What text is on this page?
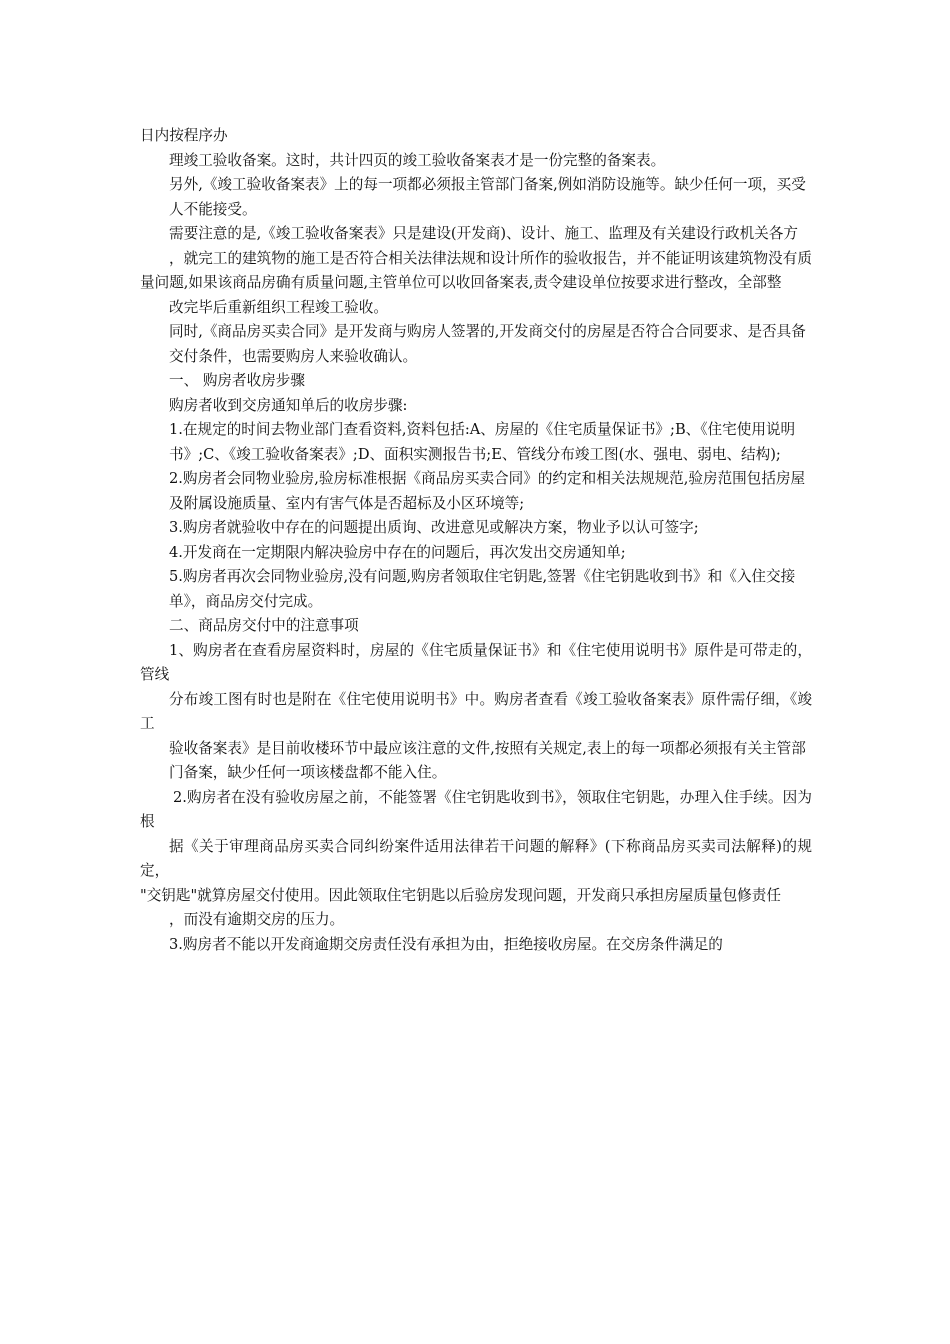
日内按程序办

理竣工验收备案。这时，共计四页的竣工验收备案表才是一份完整的备案表。

另外,《竣工验收备案表》上的每一项都必须报主管部门备案,例如消防设施等。缺少任何一项，买受

人不能接受。

需要注意的是,《竣工验收备案表》只是建设(开发商)、设计、施工、监理及有关建设行政机关各方

，就完工的建筑物的施工是否符合相关法律法规和设计所作的验收报告，并不能证明该建筑物没有质量问题,如果该商品房确有质量问题,主管单位可以收回备案表,责令建设单位按要求进行整改，全部整

改完毕后重新组织工程竣工验收。

同时,《商品房买卖合同》是开发商与购房人签署的,开发商交付的房屋是否符合合同要求、是否具备

交付条件，也需要购房人来验收确认。

一、 购房者收房步骤

购房者收到交房通知单后的收房步骤:

1.在规定的时间去物业部门查看资料,资料包括:A、房屋的《住宅质量保证书》;B、《住宅使用说明

书》;C、《竣工验收备案表》;D、面积实测报告书;E、管线分布竣工图(水、强电、弱电、结构);

2.购房者会同物业验房,验房标准根据《商品房买卖合同》的约定和相关法规规范,验房范围包括房屋

及附属设施质量、室内有害气体是否超标及小区环境等;

3.购房者就验收中存在的问题提出质询、改进意见或解决方案，物业予以认可签字;

4.开发商在一定期限内解决验房中存在的问题后，再次发出交房通知单;

5.购房者再次会同物业验房,没有问题,购房者领取住宅钥匙,签署《住宅钥匙收到书》和《入住交接

单》，商品房交付完成。

二、商品房交付中的注意事项

1、购房者在查看房屋资料时，房屋的《住宅质量保证书》和《住宅使用说明书》原件是可带走的，管线

分布竣工图有时也是附在《住宅使用说明书》中。购房者查看《竣工验收备案表》原件需仔细，《竣工

验收备案表》是目前收楼环节中最应该注意的文件,按照有关规定,表上的每一项都必须报有关主管部

门备案，缺少任何一项该楼盘都不能入住。

2.购房者在没有验收房屋之前，不能签署《住宅钥匙收到书》，领取住宅钥匙，办理入住手续。因为根

据《关于审理商品房买卖合同纠纷案件适用法律若干问题的解释》(下称商品房买卖司法解释)的规定，

"交钥匙"就算房屋交付使用。因此领取住宅钥匙以后验房发现问题，开发商只承担房屋质量包修责任

，而没有逾期交房的压力。

3.购房者不能以开发商逾期交房责任没有承担为由，拒绝接收房屋。在交房条件满足的
